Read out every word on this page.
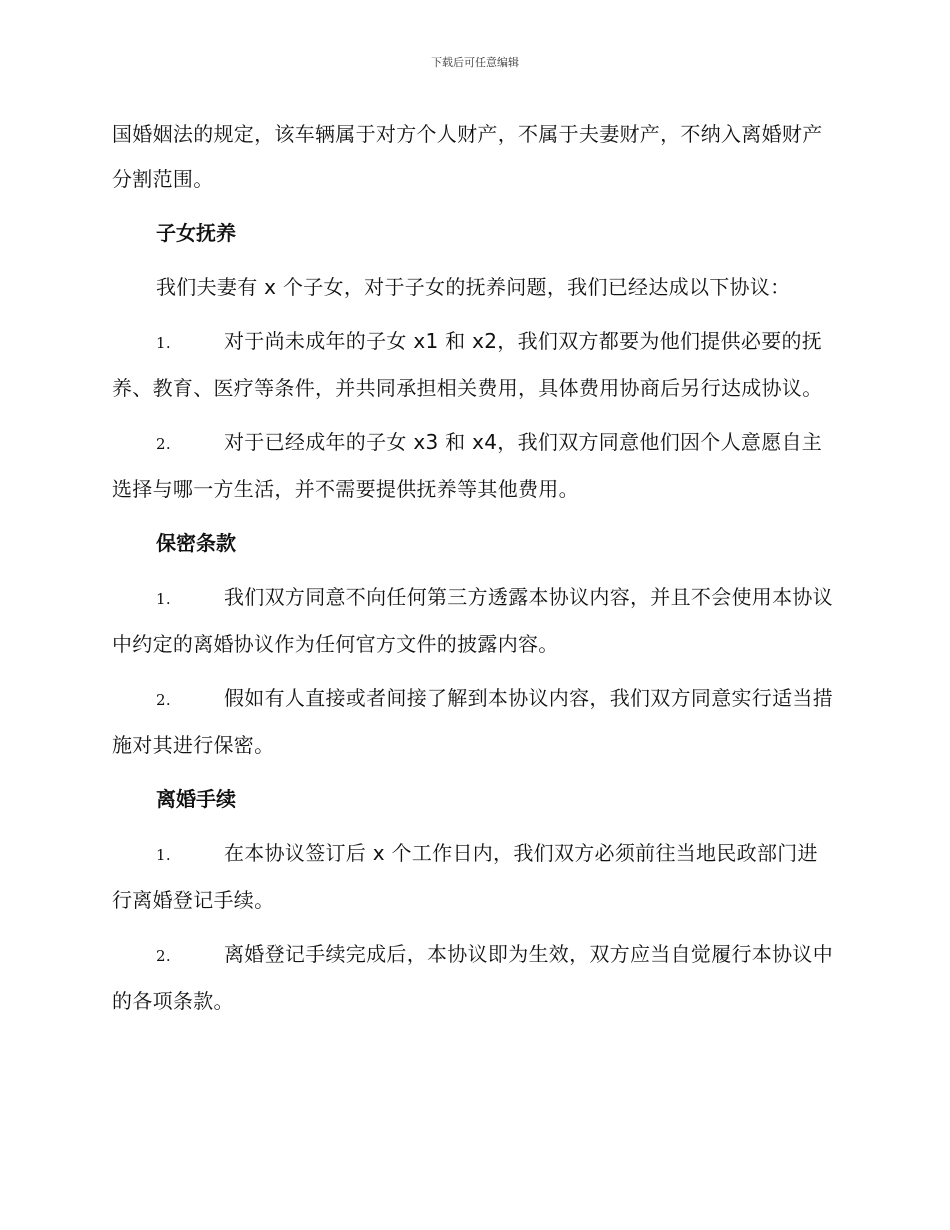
下载后可任意编辑

国婚姻法的规定，该车辆属于对方个人财产，不属于夫妻财产，不纳入离婚财产分割范围。

子女抚养

我们夫妻有 x 个子女，对于子女的抚养问题，我们已经达成以下协议：

1.	对于尚未成年的子女 x1 和 x2，我们双方都要为他们提供必要的抚养、教育、医疗等条件，并共同承担相关费用，具体费用协商后另行达成协议。

2.	对于已经成年的子女 x3 和 x4，我们双方同意他们因个人意愿自主选择与哪一方生活，并不需要提供抚养等其他费用。

保密条款

1.	我们双方同意不向任何第三方透露本协议内容，并且不会使用本协议中约定的离婚协议作为任何官方文件的披露内容。

2.	假如有人直接或者间接了解到本协议内容，我们双方同意实行适当措施对其进行保密。

离婚手续

1.	在本协议签订后 x 个工作日内，我们双方必须前往当地民政部门进行离婚登记手续。

2.	离婚登记手续完成后，本协议即为生效，双方应当自觉履行本协议中的各项条款。
